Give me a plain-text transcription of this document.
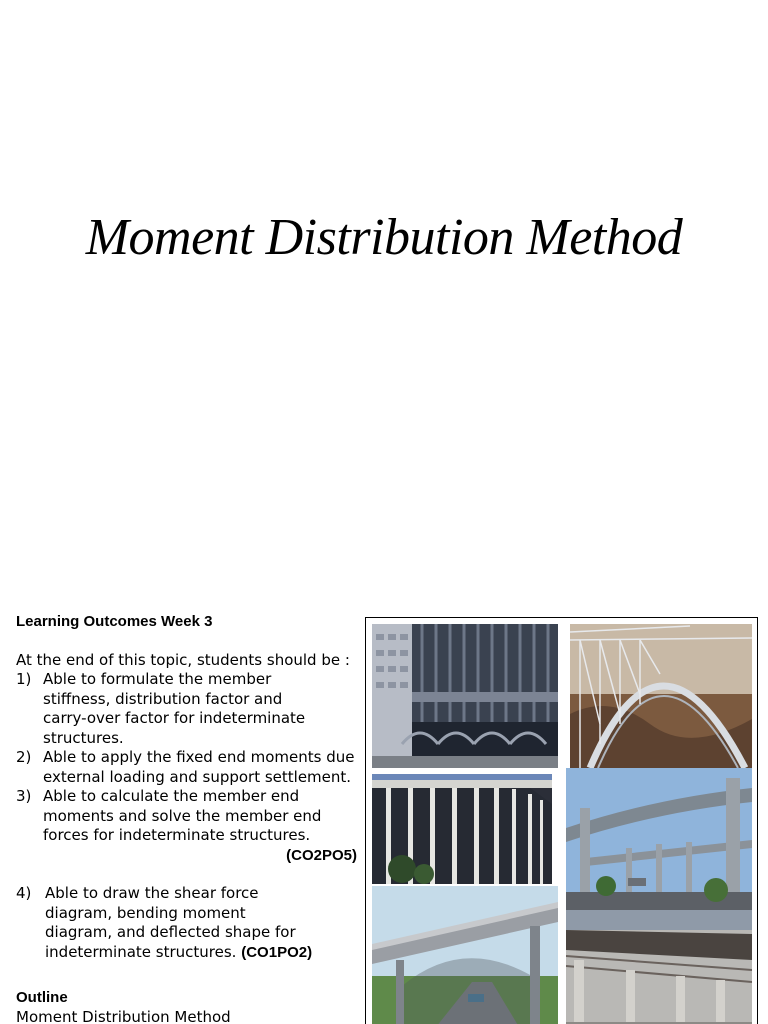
Moment Distribution Method

Learning Outcomes Week 3

At the end of this topic, students should be :
1) Able to formulate the member
stiffness, distribution factor and
carry-over factor for indeterminate
structures.
2) Able to apply the fixed end moments due
external loading and support settlement.
3) Able to calculate the member end
moments and solve the member end
forces for indeterminate structures.
(CO2PO5)
4) Able to draw the shear force
diagram, bending moment
diagram, and deflected shape for
indeterminate structures. (CO1PO2)

Outline

Moment Distribution Method
